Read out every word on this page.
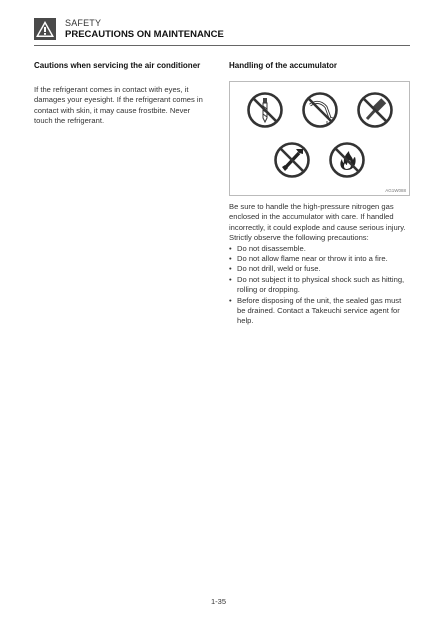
SAFETY
PRECAUTIONS ON MAINTENANCE

Cautions when servicing the air conditioner

If the refrigerant comes in contact with eyes, it damages your eyesight. If the refrigerant comes in contact with skin, it may cause frostbite. Never touch the refrigerant.

Handling of the accumulator

AG1W088

Be sure to handle the high-pressure nitrogen gas enclosed in the accumulator with care. If handled incorrectly, it could explode and cause serious injury. Strictly observe the following precautions:

• Do not disassemble.
• Do not allow flame near or throw it into a fire.
• Do not drill, weld or fuse.
• Do not subject it to physical shock such as hitting, rolling or dropping.
• Before disposing of the unit, the sealed gas must be drained. Contact a Takeuchi service agent for help.
1-35
